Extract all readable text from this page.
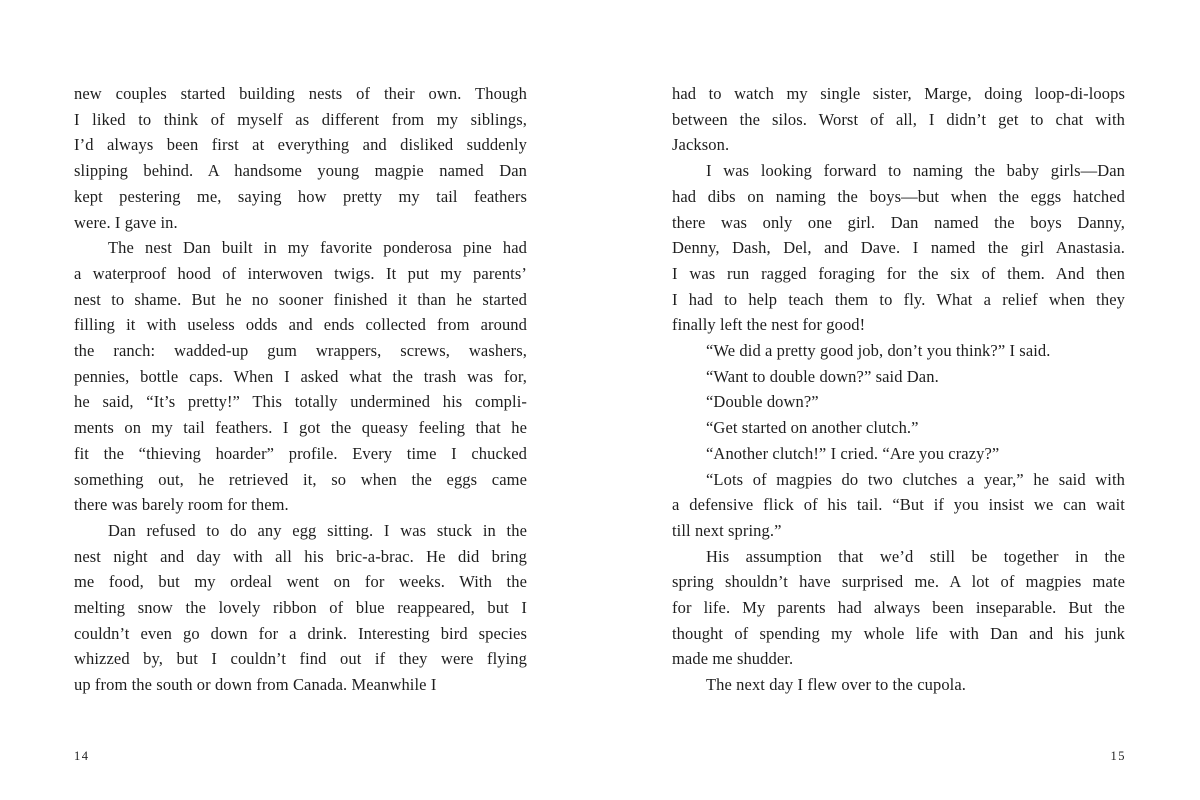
new couples started building nests of their own. Though
I liked to think of myself as different from my siblings,
I’d always been first at everything and disliked suddenly
slipping behind. A handsome young magpie named Dan
kept pestering me, saying how pretty my tail feathers
were. I gave in.

The nest Dan built in my favorite ponderosa pine had
a waterproof hood of interwoven twigs. It put my parents’
nest to shame. But he no sooner finished it than he started
filling it with useless odds and ends collected from around
the ranch: wadded-up gum wrappers, screws, washers,
pennies, bottle caps. When I asked what the trash was for,
he said, “It’s pretty!” This totally undermined his compli-
ments on my tail feathers. I got the queasy feeling that he
fit the “thieving hoarder” profile. Every time I chucked
something out, he retrieved it, so when the eggs came
there was barely room for them.

Dan refused to do any egg sitting. I was stuck in the
nest night and day with all his bric-a-brac. He did bring
me food, but my ordeal went on for weeks. With the
melting snow the lovely ribbon of blue reappeared, but I
couldn’t even go down for a drink. Interesting bird species
whizzed by, but I couldn’t find out if they were flying
up from the south or down from Canada. Meanwhile I

14

had to watch my single sister, Marge, doing loop-di-loops
between the silos. Worst of all, I didn’t get to chat with
Jackson.

I was looking forward to naming the baby girls—Dan
had dibs on naming the boys—but when the eggs hatched
there was only one girl. Dan named the boys Danny,
Denny, Dash, Del, and Dave. I named the girl Anastasia.
I was run ragged foraging for the six of them. And then
I had to help teach them to fly. What a relief when they
finally left the nest for good!

“We did a pretty good job, don’t you think?” I said.

“Want to double down?” said Dan.

“Double down?”

“Get started on another clutch.”

“Another clutch!” I cried. “Are you crazy?”

“Lots of magpies do two clutches a year,” he said with
a defensive flick of his tail. “But if you insist we can wait
till next spring.”

His assumption that we’d still be together in the
spring shouldn’t have surprised me. A lot of magpies mate
for life. My parents had always been inseparable. But the
thought of spending my whole life with Dan and his junk
made me shudder.

The next day I flew over to the cupola.

15
